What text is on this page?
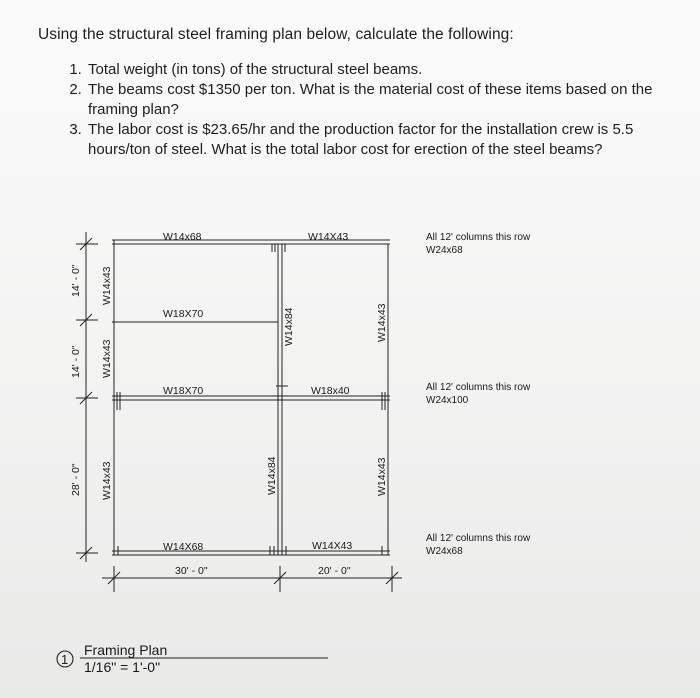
Using the structural steel framing plan below, calculate the following:
1. Total weight (in tons) of the structural steel beams.
2. The beams cost $1350 per ton. What is the material cost of these items based on the framing plan?
3. The labor cost is $23.65/hr and the production factor for the installation crew is 5.5 hours/ton of steel. What is the total labor cost for erection of the steel beams?
W14x68	W14X43
W18X70
W18X70	W18x40
W14X68	W14X43
W14x43
W14x43
W14x43
W14x84
W14x84
W14x43
W14x43
14' - 0"
14' - 0"
28' - 0"
30' - 0"	20' - 0"
All 12' columns this row
W24x68
All 12' columns this row
W24x100
All 12' columns this row
W24x68
1
Framing Plan
1/16" = 1'-0"
